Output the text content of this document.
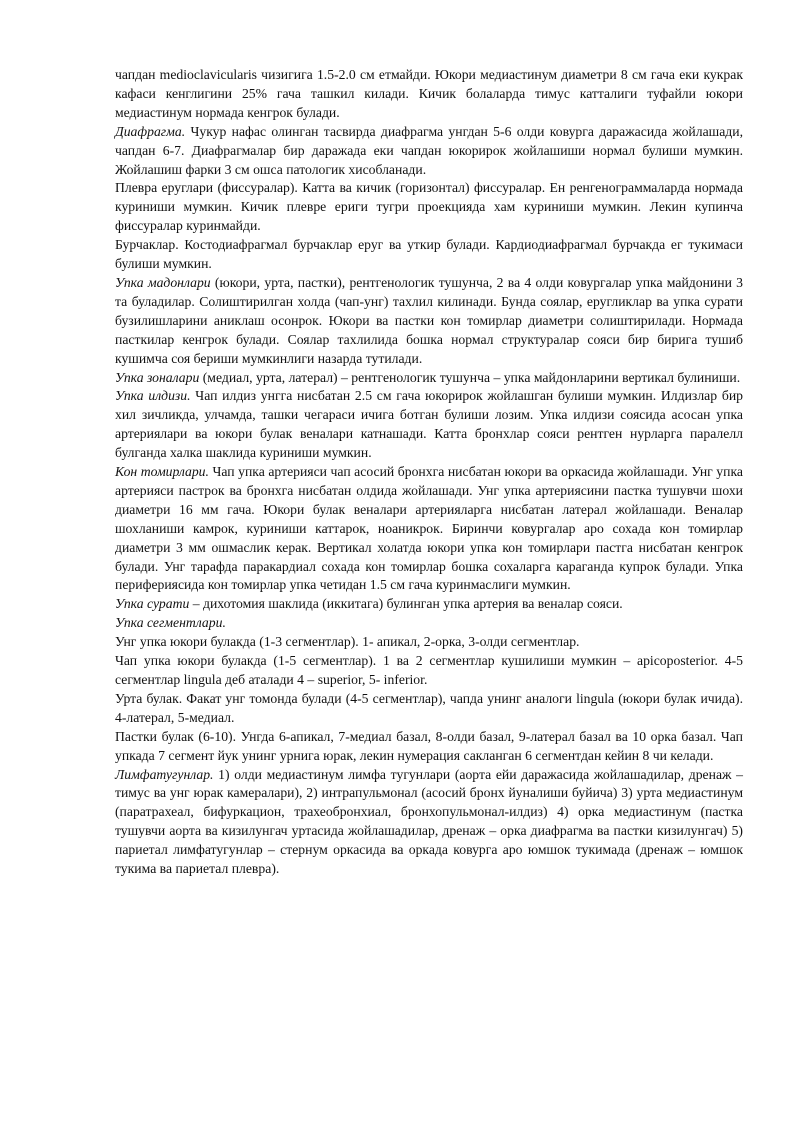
чапдан medioclavicularis чизигига 1.5-2.0 см етмайди. Юкори медиастинум диаметри 8 см гача еки кукрак кафаси кенглигини 25% гача ташкил килади. Кичик болаларда тимус катталиги туфайли юкори медиастинум нормада кенгрок булади.

Диафрагма. Чукур нафас олинган тасвирда диафрагма унгдан 5-6 олди ковурга даражасида жойлашади, чапдан 6-7. Диафрагмалар бир даражада еки чапдан юкорирок жойлашиши нормал булиши мумкин. Жойлашиш фарки 3 см ошса патологик хисобланади.

Плевра еруглари (фиссуралар). Катта ва кичик (горизонтал) фиссуралар. Ен ренгенограммаларда нормада куриниши мумкин. Кичик плевре ериги тугри проекцияда хам куриниши мумкин. Лекин купинча фиссуралар куринмайди.

Бурчаклар. Костодиафрагмал бурчаклар еруг ва уткир булади. Кардиодиафрагмал бурчакда ег тукимаси булиши мумкин.

Упка мадонлари (юкори, урта, пастки), рентгенологик тушунча, 2 ва 4 олди ковургалар упка майдонини 3 та буладилар. Солиштирилган холда (чап-унг) тахлил килинади. Бунда соялар, еругликлар ва упка сурати бузилишларини аниклаш осонрок. Юкори ва пастки кон томирлар диаметри солиштирилади. Нормада пасткилар кенгрок булади. Соялар тахлилида бошка нормал структуралар сояси бир бирига тушиб кушимча соя бериши мумкинлиги назарда тутилади.

Упка зоналари (медиал, урта, латерал) – рентгенологик тушунча – упка майдонларини вертикал булиниши.

Упка илдизи. Чап илдиз унгга нисбатан 2.5 см гача юкорирок жойлашган булиши мумкин. Илдизлар бир хил зичликда, улчамда, ташки чегараси ичига ботган булиши лозим. Упка илдизи соясида асосан упка артериялари ва юкори булак веналари катнашади. Катта бронхлар сояси рентген нурларга паралелл булганда халка шаклида куриниши мумкин.

Кон томирлари. Чап упка артерияси чап асосий бронхга нисбатан юкори ва оркасида жойлашади. Унг упка артерияси пастрок ва бронхга нисбатан олдида жойлашади. Унг упка артериясини пастка тушувчи шохи диаметри 16 мм гача. Юкори булак веналари артерияларга нисбатан латерал жойлашади. Веналар шохланиши камрок, куриниши каттарок, ноаникрок. Биринчи ковургалар аро сохада кон томирлар диаметри 3 мм ошмаслик керак. Вертикал холатда юкори упка кон томирлари пастга нисбатан кенгрок булади. Унг тарафда паракардиал сохада кон томирлар бошка сохаларга караганда купрок булади. Упка периферияcида кон томирлар упка четидан 1.5 см гача куринмаслиги мумкин.

Упка сурати – дихотомия шаклида (иккитага) булинган упка артерия ва веналар сояси.

Упка сегментлари.

Унг упка юкори булакда (1-3 сегментлар). 1- апикал, 2-орка, 3-олди сегментлар.

Чап упка юкори булакда (1-5 сегментлар). 1 ва 2 сегментлар кушилиши мумкин – apicoposterior. 4-5 сегментлар lingula деб аталади 4 – superior, 5- inferior.

Урта булак. Факат унг томонда булади (4-5 сегментлар), чапда унинг аналоги lingula (юкори булак ичида). 4-латерал, 5-медиал.

Пастки булак (6-10). Унгда 6-апикал, 7-медиал базал, 8-олди базал, 9-латерал базал ва 10 орка базал. Чап упкада 7 сегмент йук унинг урнига юрак, лекин нумерация сакланган 6 сегментдан кейин 8 чи келади.

Лимфатугунлар. 1) олди медиастинум лимфа тугунлари (аорта ейи даражасида жойлашадилар, дренаж – тимус ва унг юрак камералари), 2) интрапульмонал (асосий бронх йуналиши буйича) 3) урта медиастинум (паратрахеал, бифуркацион, трахеобронхиал, бронхопульмонал-илдиз) 4) орка медиастинум (пастка тушувчи аорта ва кизилунгач уртасида жойлашадилар, дренаж – орка диафрагма ва пастки кизилунгач) 5) париетал лимфатугунлар – стернум оркасида ва оркада ковурга аро юмшок тукимада (дренаж – юмшок тукима ва париетал плевра).
